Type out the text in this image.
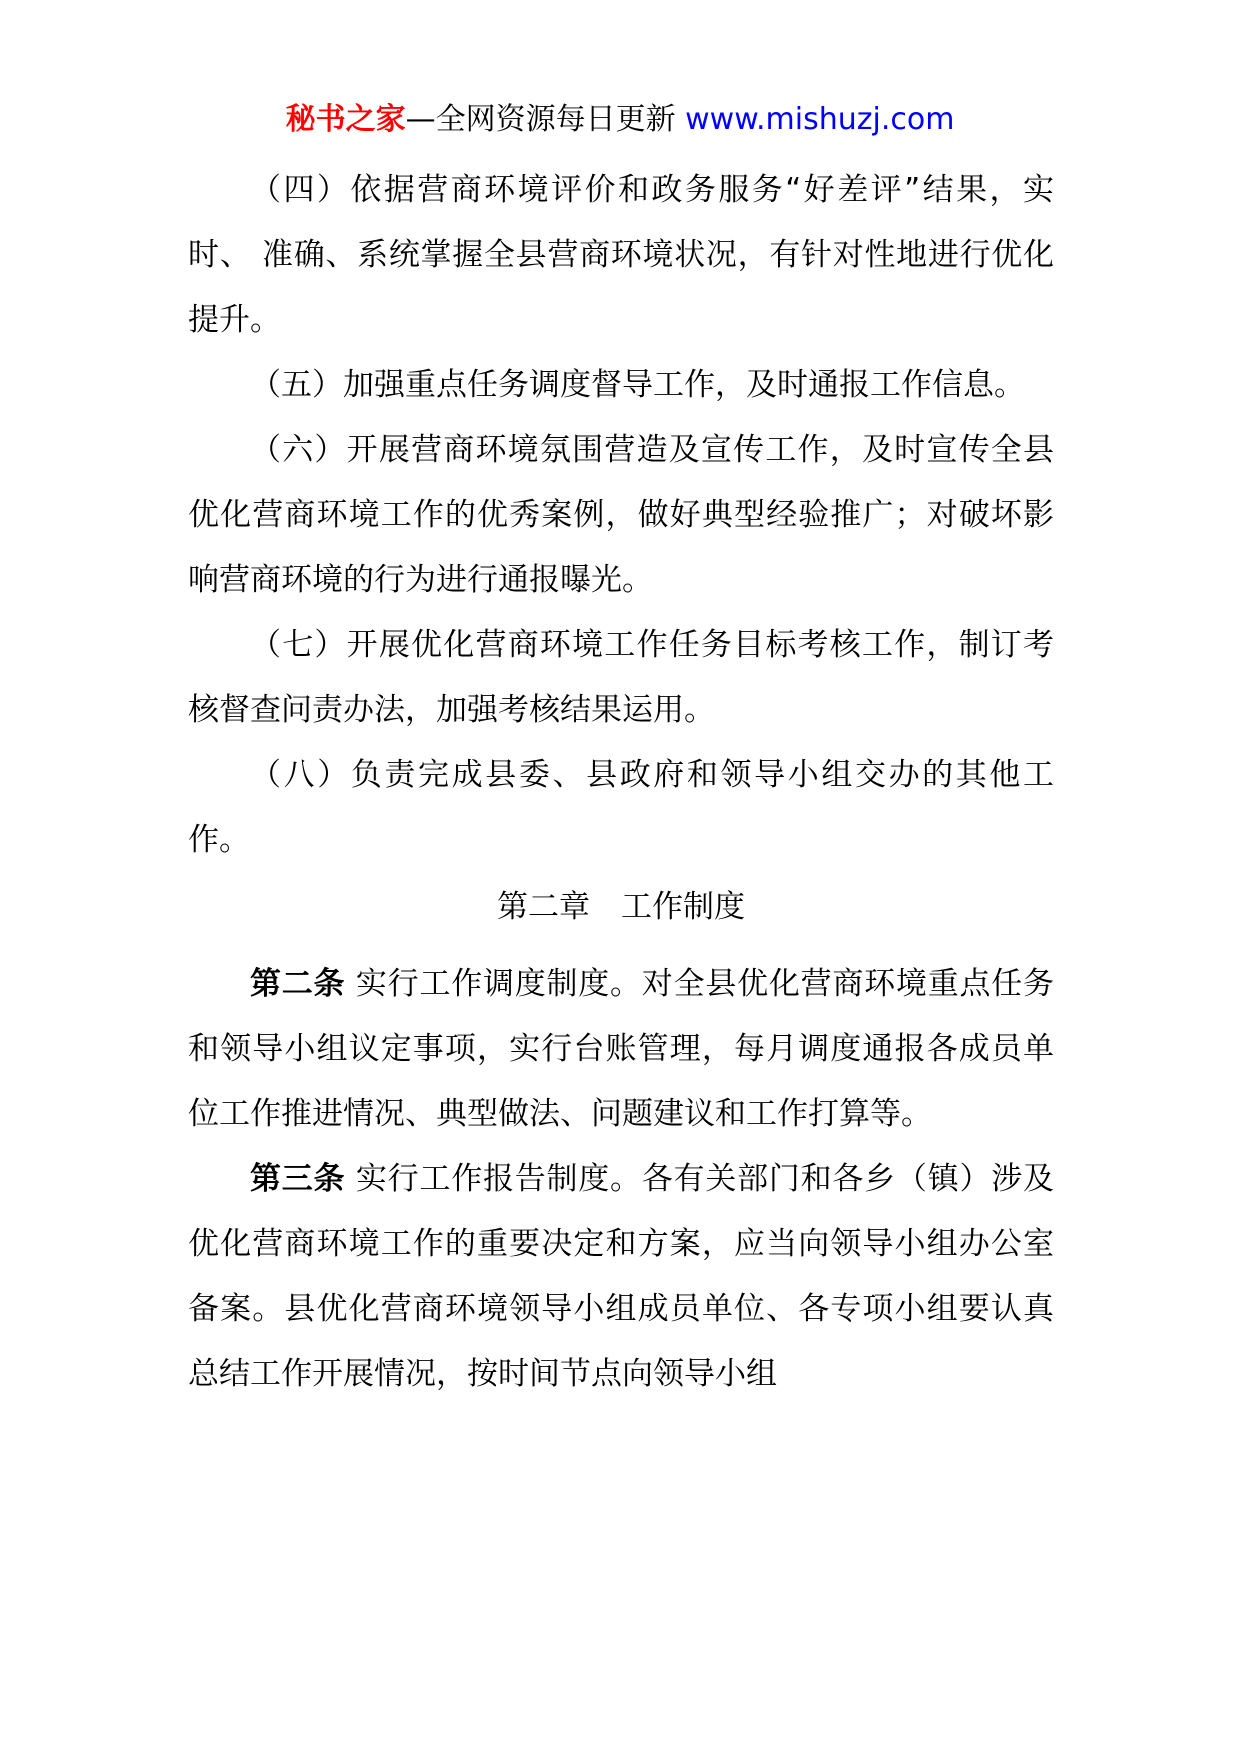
秘书之家—全网资源每日更新 www.mishuzj.com

（四）依据营商环境评价和政务服务“好差评”结果，实时、 准确、系统掌握全县营商环境状况，有针对性地进行优化提升。

（五）加强重点任务调度督导工作，及时通报工作信息。

（六）开展营商环境氛围营造及宣传工作，及时宣传全县优化营商环境工作的优秀案例，做好典型经验推广；对破坏影响营商环境的行为进行通报曝光。

（七）开展优化营商环境工作任务目标考核工作，制订考核督查问责办法，加强考核结果运用。

（八）负责完成县委、县政府和领导小组交办的其他工作。

第二章　工作制度

第二条 实行工作调度制度。对全县优化营商环境重点任务和领导小组议定事项，实行台账管理，每月调度通报各成员单位工作推进情况、典型做法、问题建议和工作打算等。

第三条 实行工作报告制度。各有关部门和各乡（镇）涉及优化营商环境工作的重要决定和方案，应当向领导小组办公室备案。县优化营商环境领导小组成员单位、各专项小组要认真总结工作开展情况，按时间节点向领导小组
